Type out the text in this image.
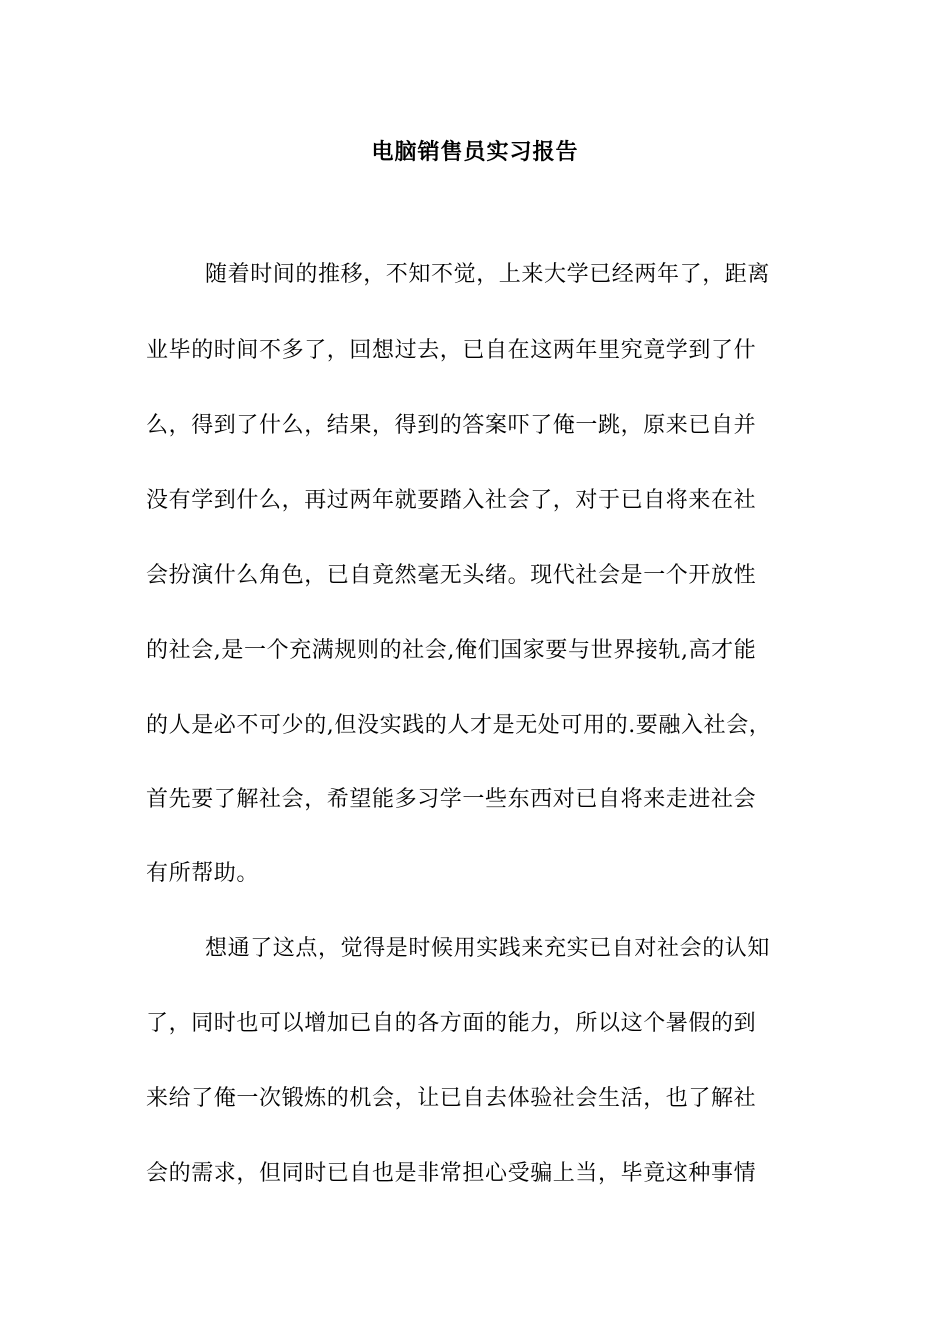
电脑销售员实习报告

随着时间的推移，不知不觉，上来大学已经两年了，距离

业毕的时间不多了，回想过去，已自在这两年里究竟学到了什

么，得到了什么，结果，得到的答案吓了俺一跳，原来已自并

没有学到什么，再过两年就要踏入社会了，对于已自将来在社

会扮演什么角色，已自竟然毫无头绪。现代社会是一个开放性

的社会,是一个充满规则的社会,俺们国家要与世界接轨,高才能

的人是必不可少的,但没实践的人才是无处可用的.要融入社会，

首先要了解社会，希望能多习学一些东西对已自将来走进社会

有所帮助。

想通了这点，觉得是时候用实践来充实已自对社会的认知

了，同时也可以增加已自的各方面的能力，所以这个暑假的到

来给了俺一次锻炼的机会，让已自去体验社会生活，也了解社

会的需求，但同时已自也是非常担心受骗上当，毕竟这种事情
